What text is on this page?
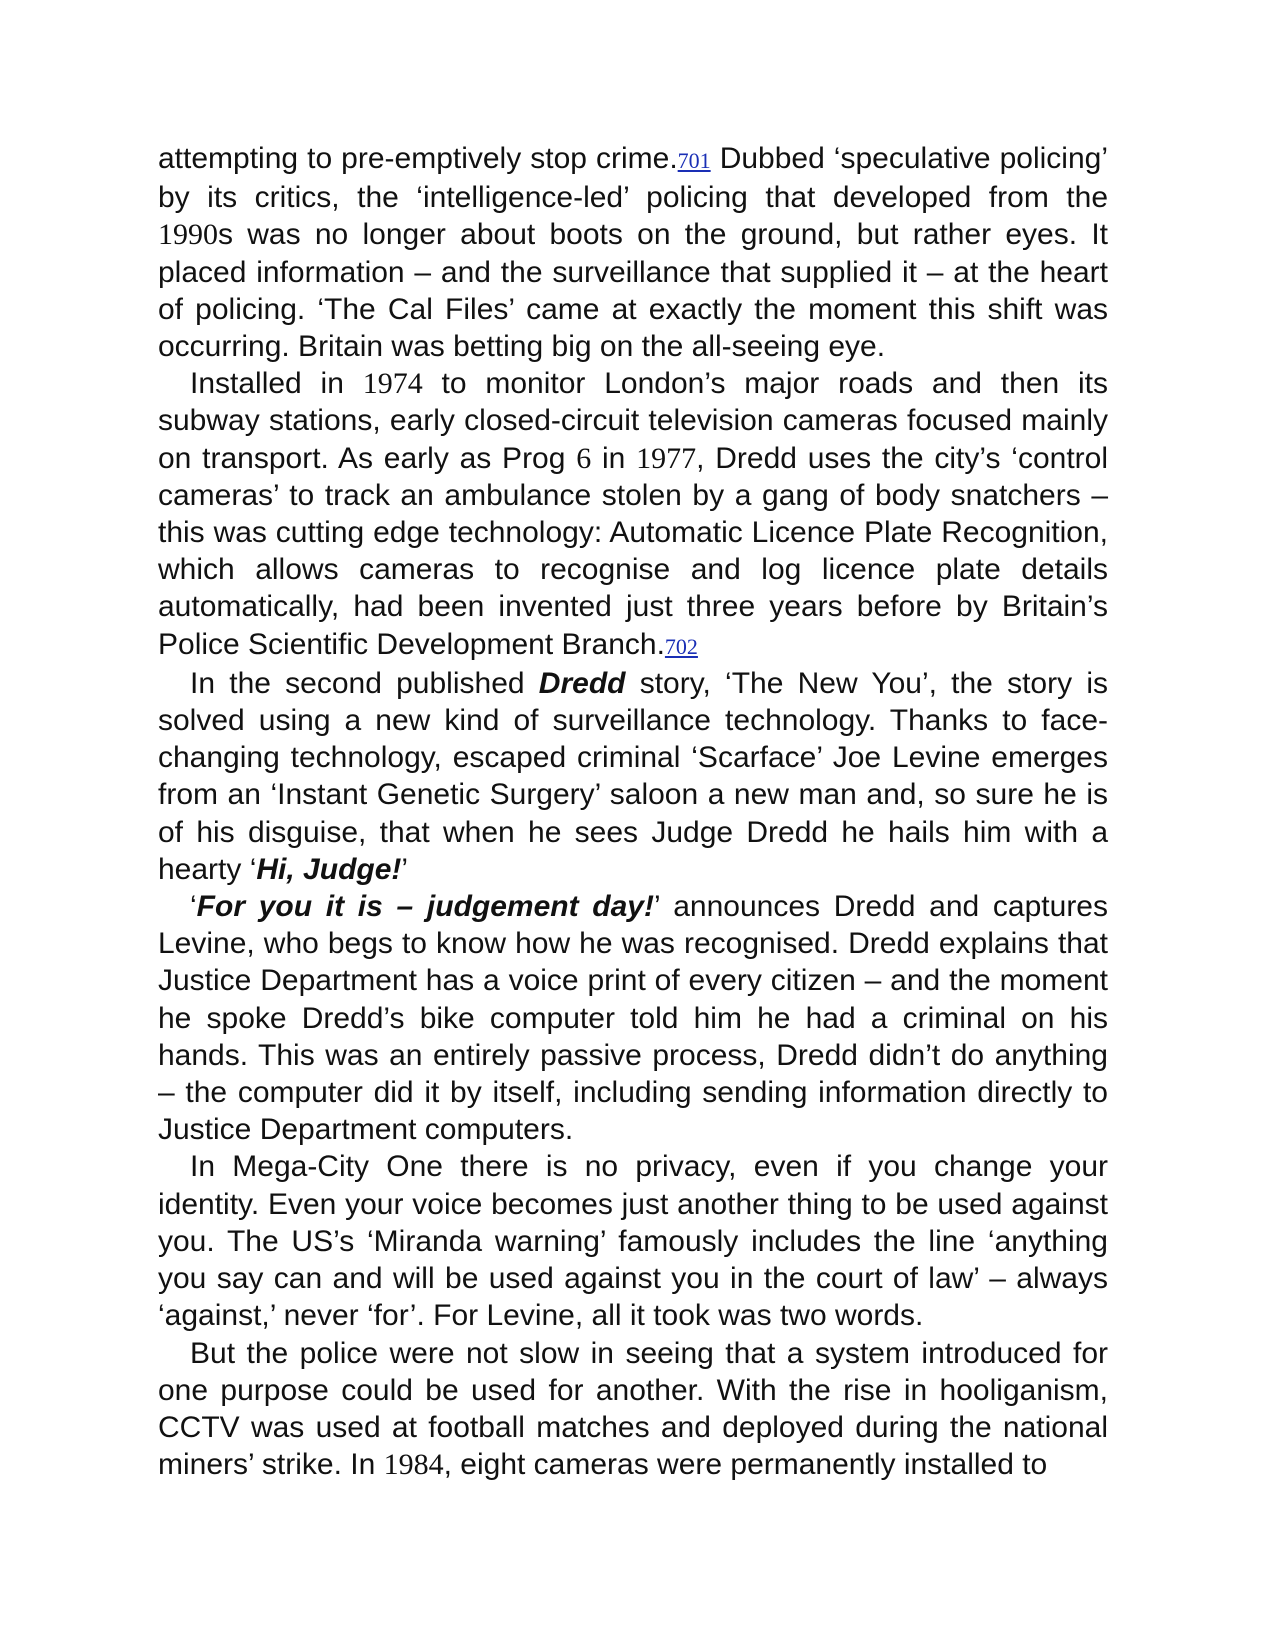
attempting to pre-emptively stop crime.701 Dubbed ‘speculative policing’ by its critics, the ‘intelligence-led’ policing that developed from the 1990s was no longer about boots on the ground, but rather eyes. It placed information – and the surveillance that supplied it – at the heart of policing. ‘The Cal Files’ came at exactly the moment this shift was occurring. Britain was betting big on the all-seeing eye.

Installed in 1974 to monitor London’s major roads and then its subway stations, early closed-circuit television cameras focused mainly on transport. As early as Prog 6 in 1977, Dredd uses the city’s ‘control cameras’ to track an ambulance stolen by a gang of body snatchers – this was cutting edge technology: Automatic Licence Plate Recognition, which allows cameras to recognise and log licence plate details automatically, had been invented just three years before by Britain’s Police Scientific Development Branch.702

In the second published Dredd story, ‘The New You’, the story is solved using a new kind of surveillance technology. Thanks to face-changing technology, escaped criminal ‘Scarface’ Joe Levine emerges from an ‘Instant Genetic Surgery’ saloon a new man and, so sure he is of his disguise, that when he sees Judge Dredd he hails him with a hearty ‘Hi, Judge!’

‘For you it is – judgement day!’ announces Dredd and captures Levine, who begs to know how he was recognised. Dredd explains that Justice Department has a voice print of every citizen – and the moment he spoke Dredd’s bike computer told him he had a criminal on his hands. This was an entirely passive process, Dredd didn’t do anything – the computer did it by itself, including sending information directly to Justice Department computers.

In Mega-City One there is no privacy, even if you change your identity. Even your voice becomes just another thing to be used against you. The US’s ‘Miranda warning’ famously includes the line ‘anything you say can and will be used against you in the court of law’ – always ‘against,’ never ‘for’. For Levine, all it took was two words.

But the police were not slow in seeing that a system introduced for one purpose could be used for another. With the rise in hooliganism, CCTV was used at football matches and deployed during the national miners’ strike. In 1984, eight cameras were permanently installed to
